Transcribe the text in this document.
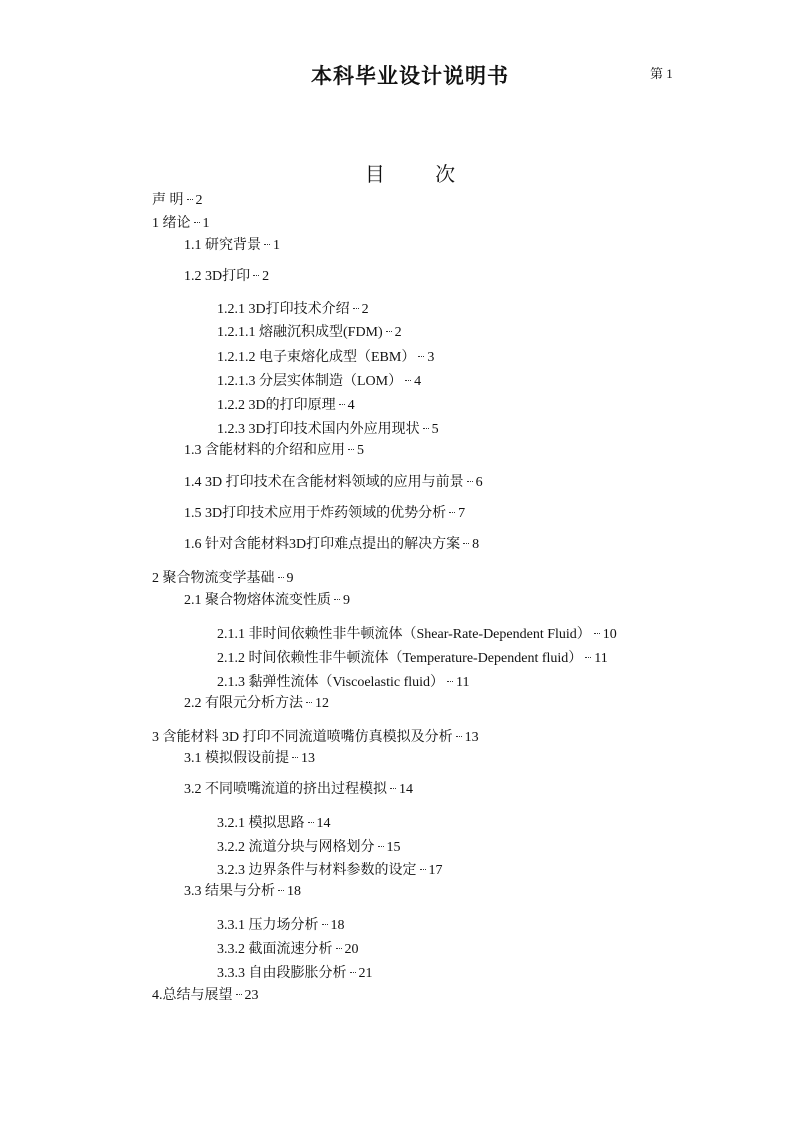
本科毕业设计说明书	第 1
目 次
声 明 2
1 绪论 1
1.1 研究背景 1
1.2 3D打印 2
1.2.1 3D打印技术介绍 2
1.2.1.1 熔融沉积成型(FDM) 2
1.2.1.2 电子束熔化成型（EBM） 3
1.2.1.3 分层实体制造（LOM） 4
1.2.2 3D的打印原理 4
1.2.3 3D打印技术国内外应用现状 5
1.3 含能材料的介绍和应用 5
1.4 3D 打印技术在含能材料领域的应用与前景 6
1.5 3D打印技术应用于炸药领域的优势分析 7
1.6 针对含能材料3D打印难点提出的解决方案 8
2 聚合物流变学基础 9
2.1 聚合物熔体流变性质 9
2.1.1 非时间依赖性非牛顿流体（Shear-Rate-Dependent Fluid） 10
2.1.2 时间依赖性非牛顿流体（Temperature-Dependent fluid） 11
2.1.3 黏弹性流体（Viscoelastic fluid） 11
2.2 有限元分析方法 12
3 含能材料 3D 打印不同流道喷嘴仿真模拟及分析 13
3.1 模拟假设前提 13
3.2 不同喷嘴流道的挤出过程模拟 14
3.2.1 模拟思路 14
3.2.2 流道分块与网格划分 15
3.2.3 边界条件与材料参数的设定 17
3.3 结果与分析 18
3.3.1 压力场分析 18
3.3.2 截面流速分析 20
3.3.3 自由段膨胀分析 21
4.总结与展望 23
